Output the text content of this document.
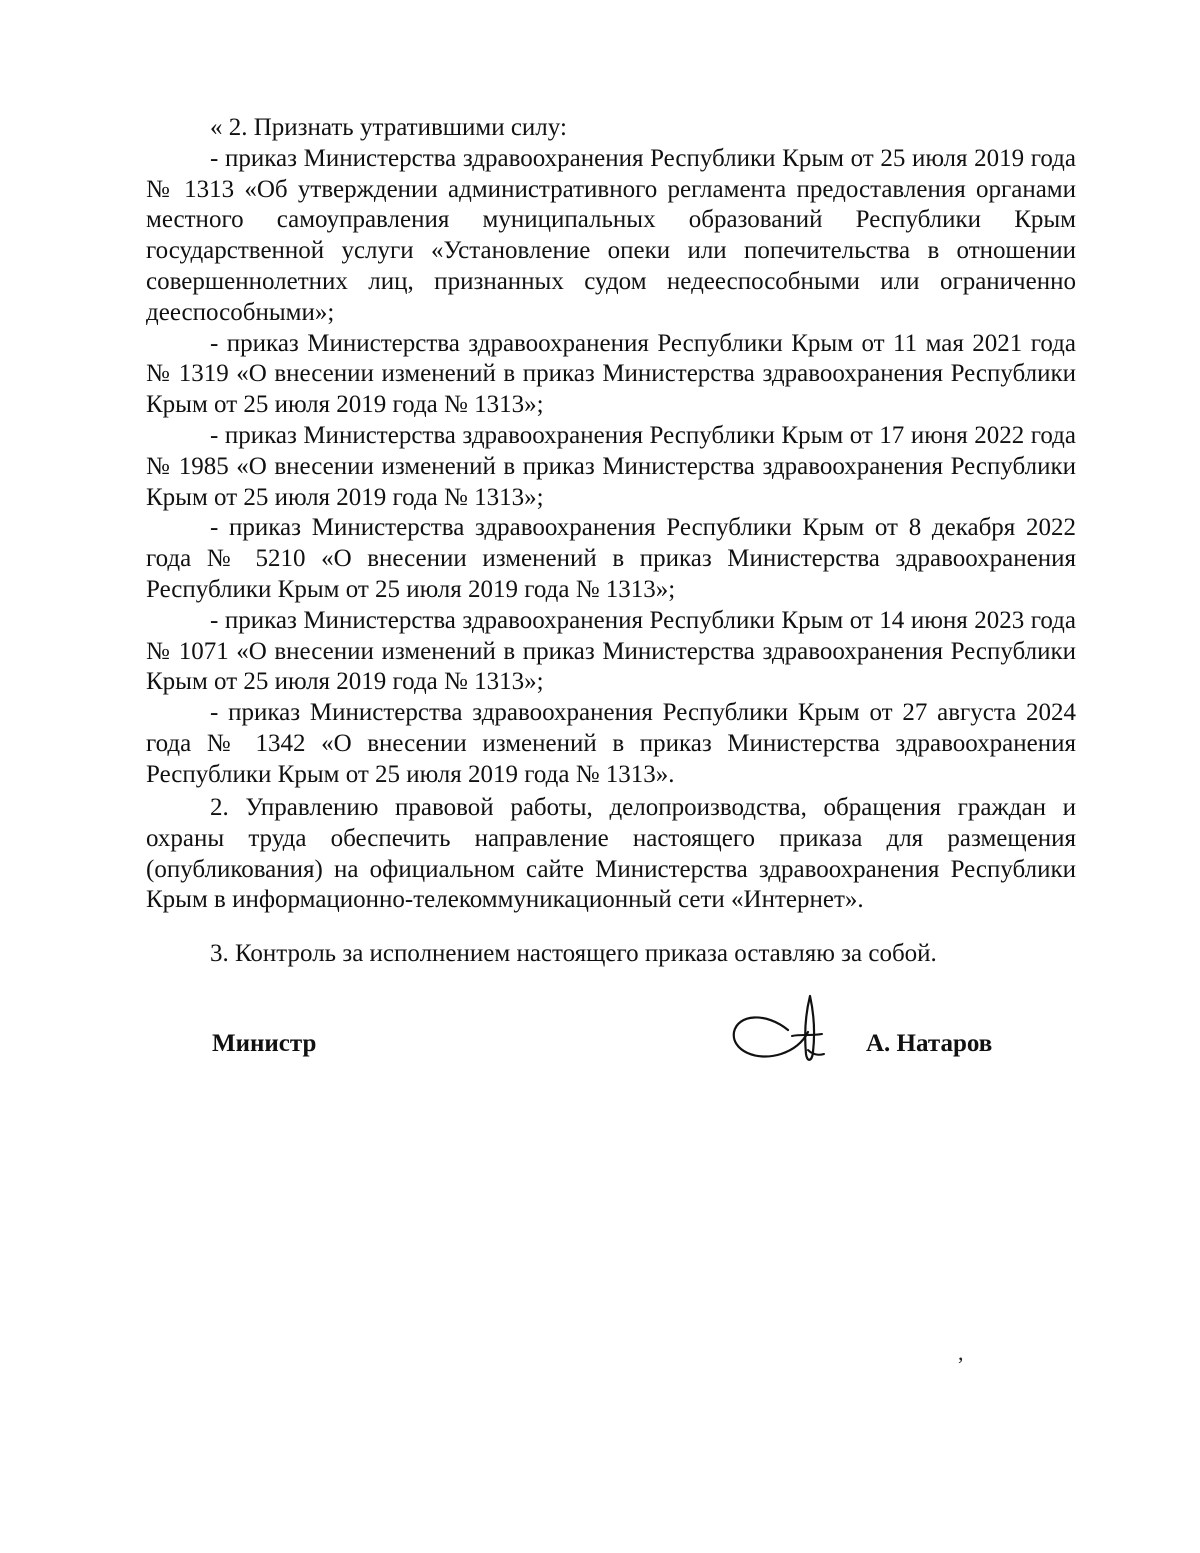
« 2. Признать утратившими силу:

- приказ Министерства здравоохранения Республики Крым от 25 июля 2019 года № 1313 «Об утверждении административного регламента предоставления органами местного самоуправления муниципальных образований Республики Крым государственной услуги «Установление опеки или попечительства в отношении совершеннолетних лиц, признанных судом недееспособными или ограниченно дееспособными»;

- приказ Министерства здравоохранения Республики Крым от 11 мая 2021 года № 1319 «О внесении изменений в приказ Министерства здравоохранения Республики Крым от 25 июля 2019 года № 1313»;

- приказ Министерства здравоохранения Республики Крым от 17 июня 2022 года № 1985 «О внесении изменений в приказ Министерства здравоохранения Республики Крым от 25 июля 2019 года № 1313»;

- приказ Министерства здравоохранения Республики Крым от 8 декабря 2022 года № 5210 «О внесении изменений в приказ Министерства здравоохранения Республики Крым от 25 июля 2019 года № 1313»;

- приказ Министерства здравоохранения Республики Крым от 14 июня 2023 года № 1071 «О внесении изменений в приказ Министерства здравоохранения Республики Крым от 25 июля 2019 года № 1313»;

- приказ Министерства здравоохранения Республики Крым от 27 августа 2024 года № 1342 «О внесении изменений в приказ Министерства здравоохранения Республики Крым от 25 июля 2019 года № 1313».

2. Управлению правовой работы, делопроизводства, обращения граждан и охраны труда обеспечить направление настоящего приказа для размещения (опубликования) на официальном сайте Министерства здравоохранения Республики Крым в информационно-телекоммуникационный сети «Интернет».

3. Контроль за исполнением настоящего приказа оставляю за собой.

Министр	А. Натаров
,
